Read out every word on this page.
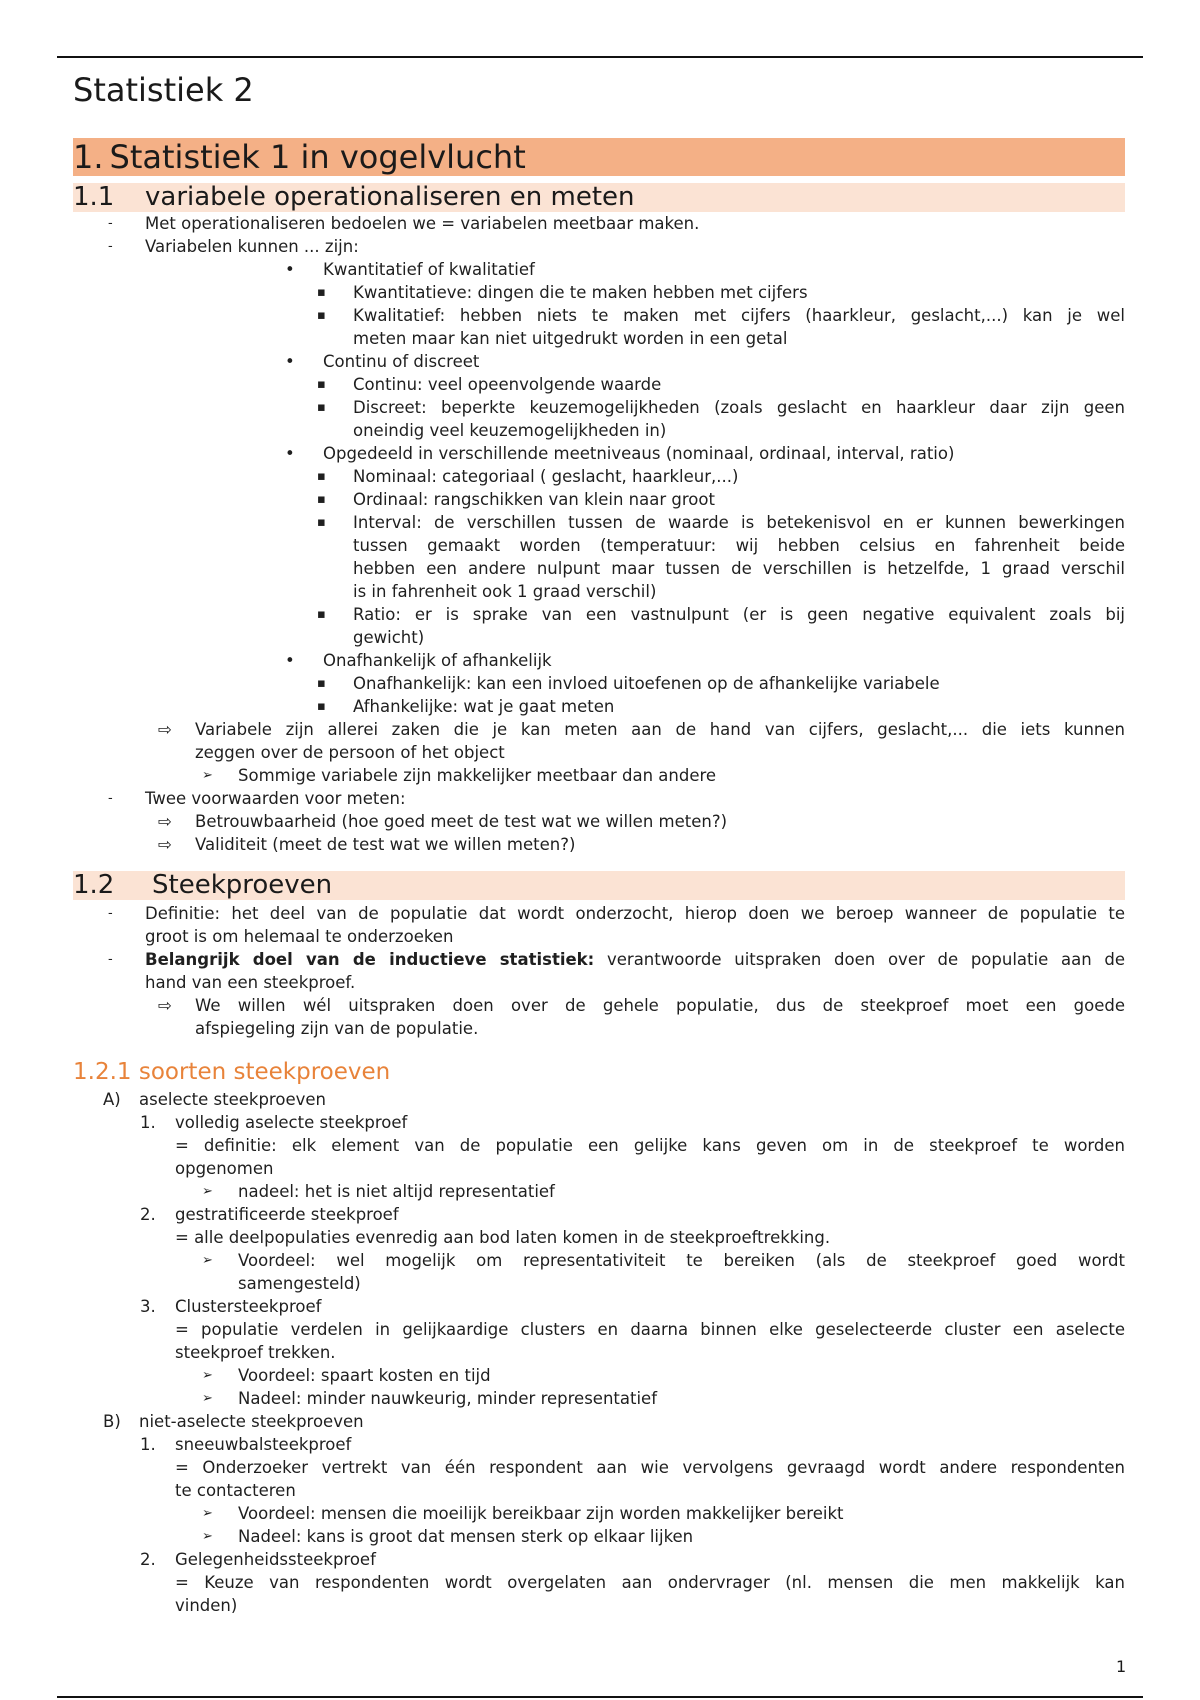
Statistiek 2
1. Statistiek 1 in vogelvlucht
1.1 variabele operationaliseren en meten
- Met operationaliseren bedoelen we = variabelen meetbaar maken.
- Variabelen kunnen ... zijn:
• Kwantitatief of kwalitatief
▪ Kwantitatieve: dingen die te maken hebben met cijfers
▪ Kwalitatief: hebben niets te maken met cijfers (haarkleur, geslacht,...) kan je wel
meten maar kan niet uitgedrukt worden in een getal
• Continu of discreet
▪ Continu: veel opeenvolgende waarde
▪ Discreet: beperkte keuzemogelijkheden (zoals geslacht en haarkleur daar zijn geen
oneindig veel keuzemogelijkheden in)
• Opgedeeld in verschillende meetniveaus (nominaal, ordinaal, interval, ratio)
▪ Nominaal: categoriaal ( geslacht, haarkleur,...)
▪ Ordinaal: rangschikken van klein naar groot
▪ Interval: de verschillen tussen de waarde is betekenisvol en er kunnen bewerkingen
tussen gemaakt worden (temperatuur: wij hebben celsius en fahrenheit beide
hebben een andere nulpunt maar tussen de verschillen is hetzelfde, 1 graad verschil
is in fahrenheit ook 1 graad verschil)
▪ Ratio: er is sprake van een vastnulpunt (er is geen negative equivalent zoals bij
gewicht)
• Onafhankelijk of afhankelijk
▪ Onafhankelijk: kan een invloed uitoefenen op de afhankelijke variabele
▪ Afhankelijke: wat je gaat meten
⇨ Variabele zijn allerei zaken die je kan meten aan de hand van cijfers, geslacht,... die iets kunnen
zeggen over de persoon of het object
➢ Sommige variabele zijn makkelijker meetbaar dan andere
- Twee voorwaarden voor meten:
⇨ Betrouwbaarheid (hoe goed meet de test wat we willen meten?)
⇨ Validiteit (meet de test wat we willen meten?)
1.2 Steekproeven
- Definitie: het deel van de populatie dat wordt onderzocht, hierop doen we beroep wanneer de populatie te
groot is om helemaal te onderzoeken
- Belangrijk doel van de inductieve statistiek: verantwoorde uitspraken doen over de populatie aan de
hand van een steekproef.
⇨ We willen wél uitspraken doen over de gehele populatie, dus de steekproef moet een goede
afspiegeling zijn van de populatie.
1.2.1 soorten steekproeven
A) aselecte steekproeven
1. volledig aselecte steekproef
= definitie: elk element van de populatie een gelijke kans geven om in de steekproef te worden
opgenomen
➢ nadeel: het is niet altijd representatief
2. gestratificeerde steekproef
= alle deelpopulaties evenredig aan bod laten komen in de steekproeftrekking.
➢ Voordeel: wel mogelijk om representativiteit te bereiken (als de steekproef goed wordt
samengesteld)
3. Clustersteekproef
= populatie verdelen in gelijkaardige clusters en daarna binnen elke geselecteerde cluster een aselecte
steekproef trekken.
➢ Voordeel: spaart kosten en tijd
➢ Nadeel: minder nauwkeurig, minder representatief
B) niet-aselecte steekproeven
1. sneeuwbalsteekproef
= Onderzoeker vertrekt van één respondent aan wie vervolgens gevraagd wordt andere respondenten
te contacteren
➢ Voordeel: mensen die moeilijk bereikbaar zijn worden makkelijker bereikt
➢ Nadeel: kans is groot dat mensen sterk op elkaar lijken
2. Gelegenheidssteekproef
= Keuze van respondenten wordt overgelaten aan ondervrager (nl. mensen die men makkelijk kan
vinden)
1
